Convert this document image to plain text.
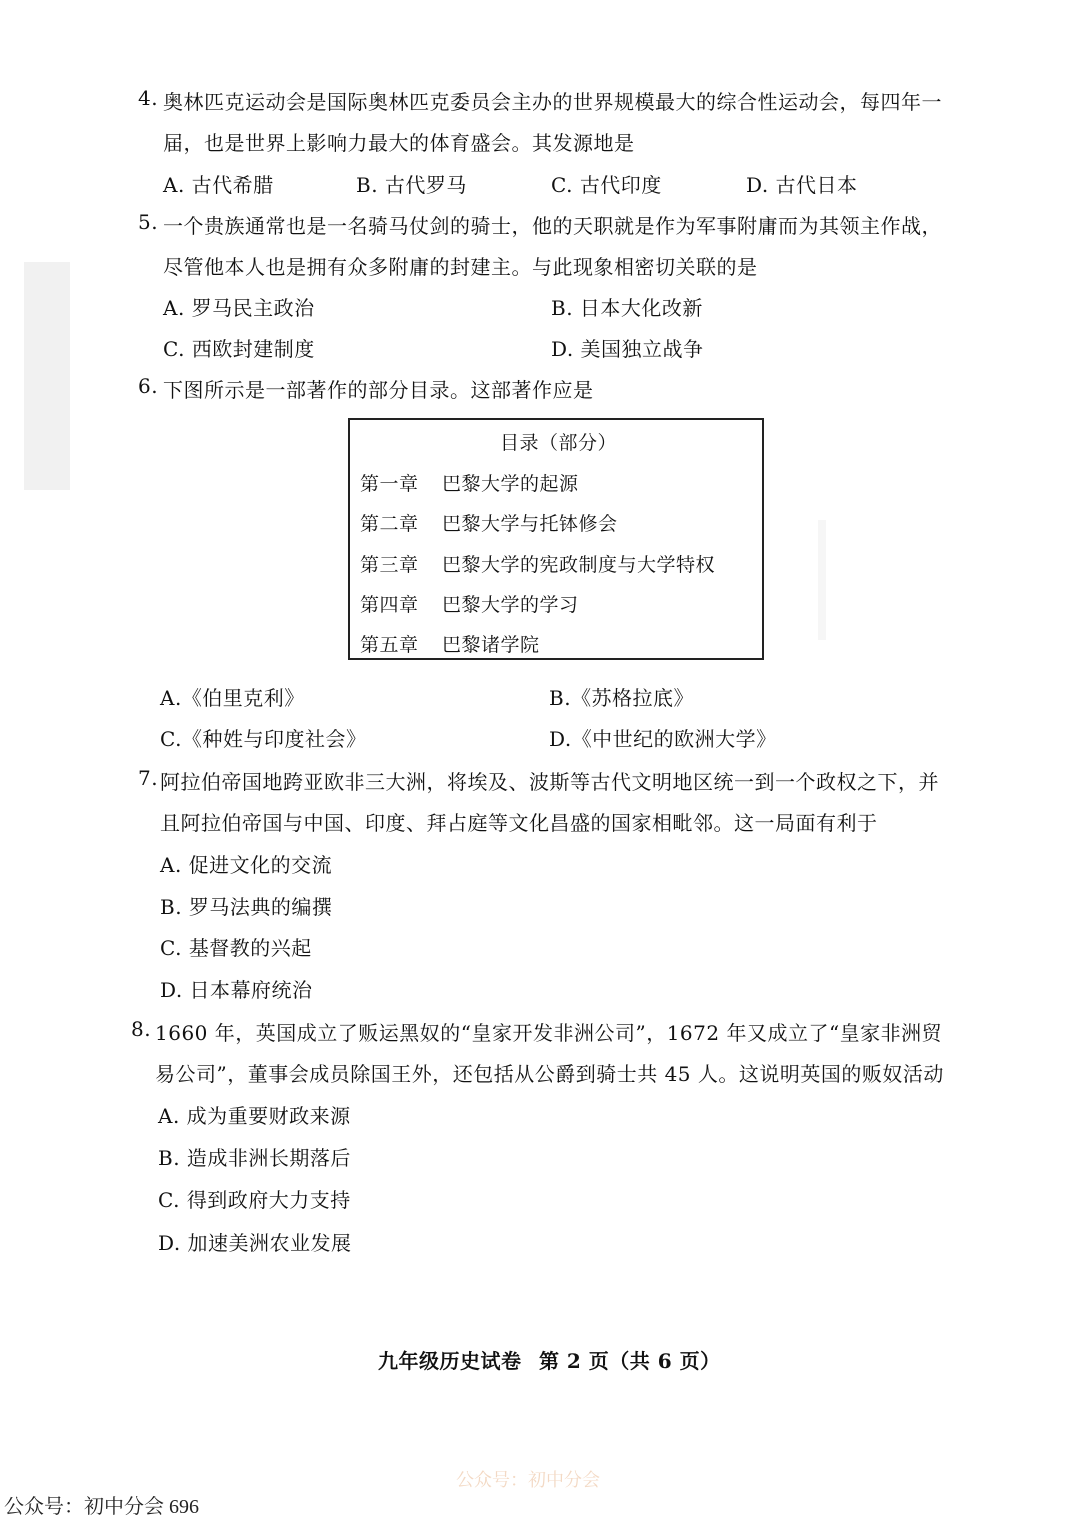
4. 奥林匹克运动会是国际奥林匹克委员会主办的世界规模最大的综合性运动会，每四年一
届，也是世界上影响力最大的体育盛会。其发源地是
A. 古代希腊	B. 古代罗马	C. 古代印度	D. 古代日本
5. 一个贵族通常也是一名骑马仗剑的骑士，他的天职就是作为军事附庸而为其领主作战，
尽管他本人也是拥有众多附庸的封建主。与此现象相密切关联的是
A. 罗马民主政治	B. 日本大化改新
C. 西欧封建制度	D. 美国独立战争
6. 下图所示是一部著作的部分目录。这部著作应是
目录（部分）
第一章 巴黎大学的起源
第二章 巴黎大学与托钵修会
第三章 巴黎大学的宪政制度与大学特权
第四章 巴黎大学的学习
第五章 巴黎诸学院
A.《伯里克利》	B.《苏格拉底》
C.《种姓与印度社会》	D.《中世纪的欧洲大学》
7. 阿拉伯帝国地跨亚欧非三大洲，将埃及、波斯等古代文明地区统一到一个政权之下，并
且阿拉伯帝国与中国、印度、拜占庭等文化昌盛的国家相毗邻。这一局面有利于
A. 促进文化的交流
B. 罗马法典的编撰
C. 基督教的兴起
D. 日本幕府统治
8. 1660 年，英国成立了贩运黑奴的“皇家开发非洲公司”，1672 年又成立了“皇家非洲贸
易公司”，董事会成员除国王外，还包括从公爵到骑士共 45 人。这说明英国的贩奴活动
A. 成为重要财政来源
B. 造成非洲长期落后
C. 得到政府大力支持
D. 加速美洲农业发展
九年级历史试卷 第 2 页（共 6 页）
公众号：初中分会
公众号：初中分会 696
